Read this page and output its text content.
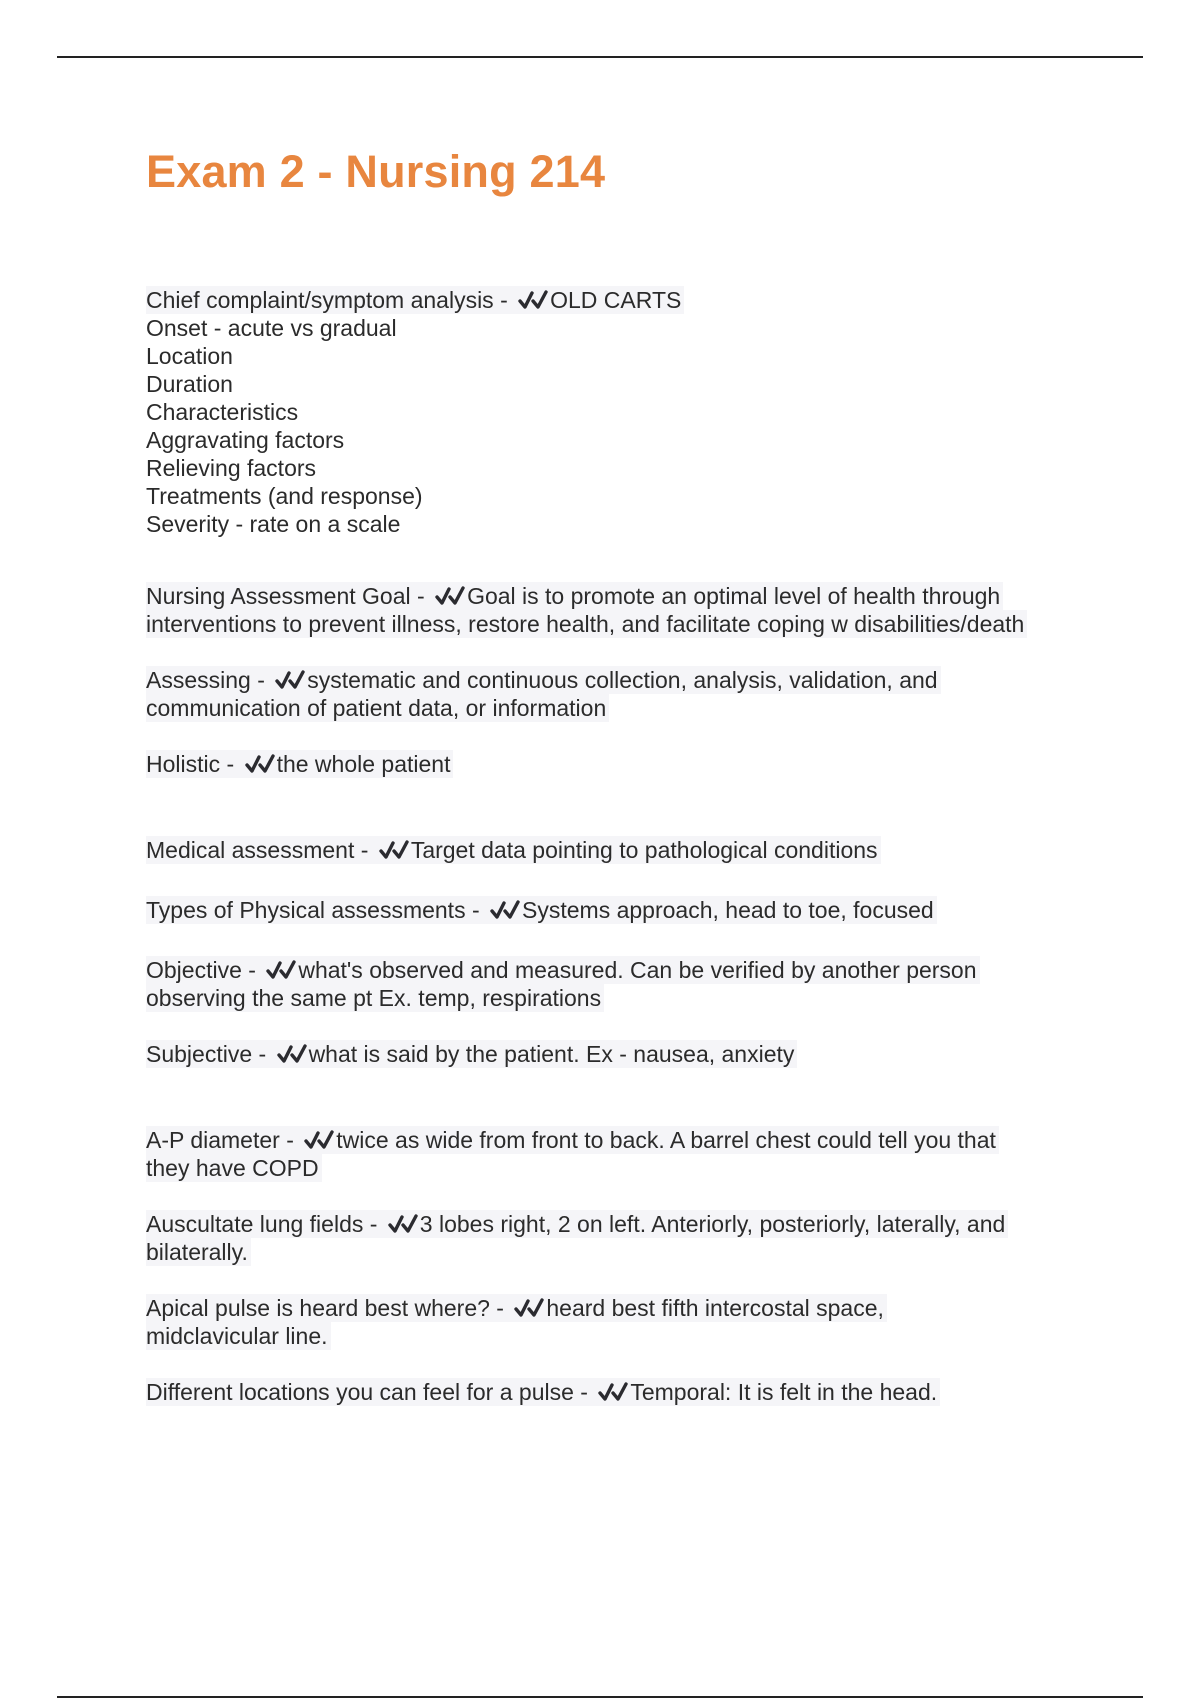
Exam 2 - Nursing 214
Chief complaint/symptom analysis - OLD CARTS
Onset - acute vs gradual
Location
Duration
Characteristics
Aggravating factors
Relieving factors
Treatments (and response)
Severity - rate on a scale
Nursing Assessment Goal - Goal is to promote an optimal level of health through
interventions to prevent illness, restore health, and facilitate coping w disabilities/death
Assessing - systematic and continuous collection, analysis, validation, and
communication of patient data, or information
Holistic - the whole patient
Medical assessment - Target data pointing to pathological conditions
Types of Physical assessments - Systems approach, head to toe, focused
Objective - what's observed and measured. Can be verified by another person
observing the same pt Ex. temp, respirations
Subjective - what is said by the patient. Ex - nausea, anxiety
A-P diameter - twice as wide from front to back. A barrel chest could tell you that
they have COPD
Auscultate lung fields - 3 lobes right, 2 on left. Anteriorly, posteriorly, laterally, and
bilaterally.
Apical pulse is heard best where? - heard best fifth intercostal space,
midclavicular line.
Different locations you can feel for a pulse - Temporal: It is felt in the head.
